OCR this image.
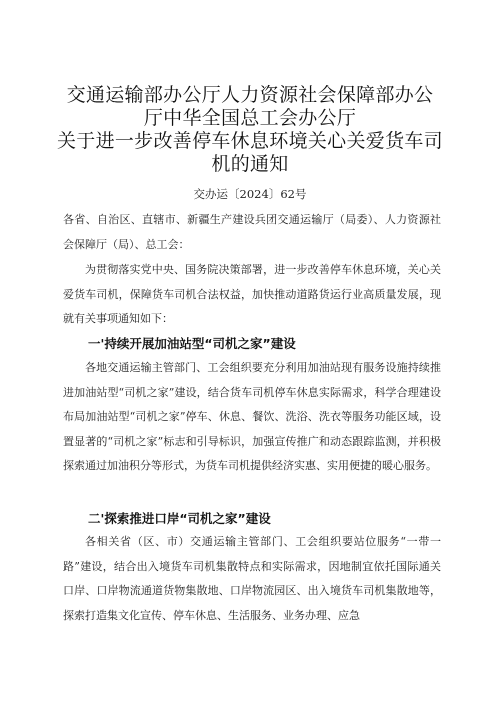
交通运输部办公厅人力资源社会保障部办公
厅中华全国总工会办公厅
关于进一步改善停车休息环境关心关爱货车司
机的通知
交办运〔2024〕62号
各省、自治区、直辖市、新疆生产建设兵团交通运输厅（局委）、人力资源社会保障厅（局）、总工会：
为贯彻落实党中央、国务院决策部署，进一步改善停车休息环境，关心关爱货车司机，保障货车司机合法权益，加快推动道路货运行业高质量发展，现就有关事项通知如下：
一'持续开展加油站型“司机之家”建设
各地交通运输主管部门、工会组织要充分利用加油站现有服务设施持续推进加油站型“司机之家”建设，结合货车司机停车休息实际需求，科学合理建设布局加油站型“司机之家”停车、休息、餐饮、洗浴、洗衣等服务功能区域，设置显著的“司机之家”标志和引导标识，加强宣传推广和动态跟踪监测，并积极探索通过加油积分等形式，为货车司机提供经济实惠、实用便捷的暖心服务。
二'探索推进口岸“司机之家”建设
各相关省（区、市）交通运输主管部门、工会组织要站位服务“一带一路”建设，结合出入境货车司机集散特点和实际需求，因地制宜依托国际通关口岸、口岸物流通道货物集散地、口岸物流园区、出入境货车司机集散地等，探索打造集文化宣传、停车休息、生活服务、业务办理、应急
